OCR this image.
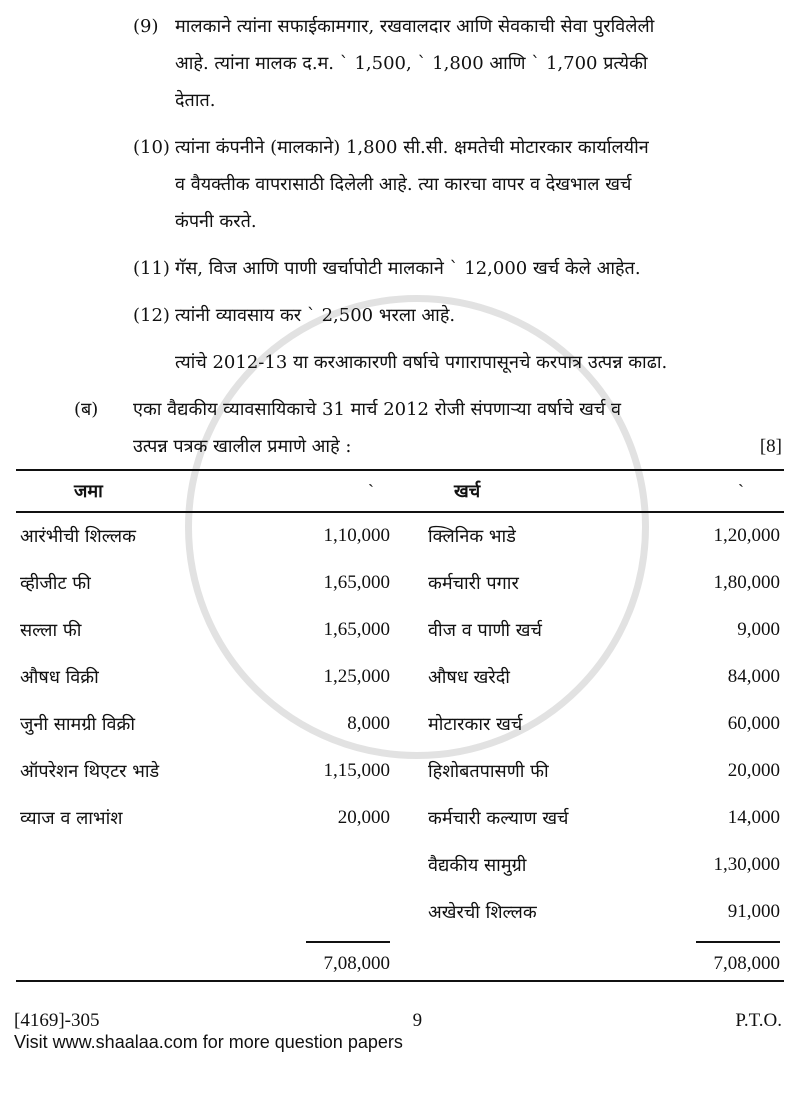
(9) मालकाने त्यांना सफाईकामगार, रखवालदार आणि सेवकाची सेवा पुरविलेली
आहे. त्यांना मालक द.म. ` 1,500, ` 1,800 आणि ` 1,700 प्रत्येकी
देतात.
(10) त्यांना कंपनीने (मालकाने) 1,800 सी.सी. क्षमतेची मोटारकार कार्यालयीन
व वैयक्तीक वापरासाठी दिलेली आहे. त्या कारचा वापर व देखभाल खर्च
कंपनी करते.
(11) गॅस, विज आणि पाणी खर्चापोटी मालकाने ` 12,000 खर्च केले आहेत.
(12) त्यांनी व्यावसाय कर ` 2,500 भरला आहे.
त्यांचे 2012-13 या करआकारणी वर्षाचे पगारापासूनचे करपात्र उत्पन्न काढा.
(ब)	एका वैद्यकीय व्यावसायिकाचे 31 मार्च 2012 रोजी संपणाऱ्या वर्षाचे खर्च व
उत्पन्न पत्रक खालील प्रमाणे आहे :	[8]
जमा	`	खर्च	`
आरंभीची शिल्लक	1,10,000	क्लिनिक भाडे	1,20,000
व्हीजीट फी	1,65,000	कर्मचारी पगार	1,80,000
सल्ला फी	1,65,000	वीज व पाणी खर्च	9,000
औषध विक्री	1,25,000	औषध खरेदी	84,000
जुनी सामग्री विक्री	8,000	मोटारकार खर्च	60,000
ऑपरेशन थिएटर भाडे	1,15,000	हिशोबतपासणी फी	20,000
व्याज व लाभांश	20,000	कर्मचारी कल्याण खर्च	14,000
		वैद्यकीय सामुग्री	1,30,000
		अखेरची शिल्लक	91,000
	7,08,000		7,08,000
[4169]-305	9	P.T.O.
Visit www.shaalaa.com for more question papers
